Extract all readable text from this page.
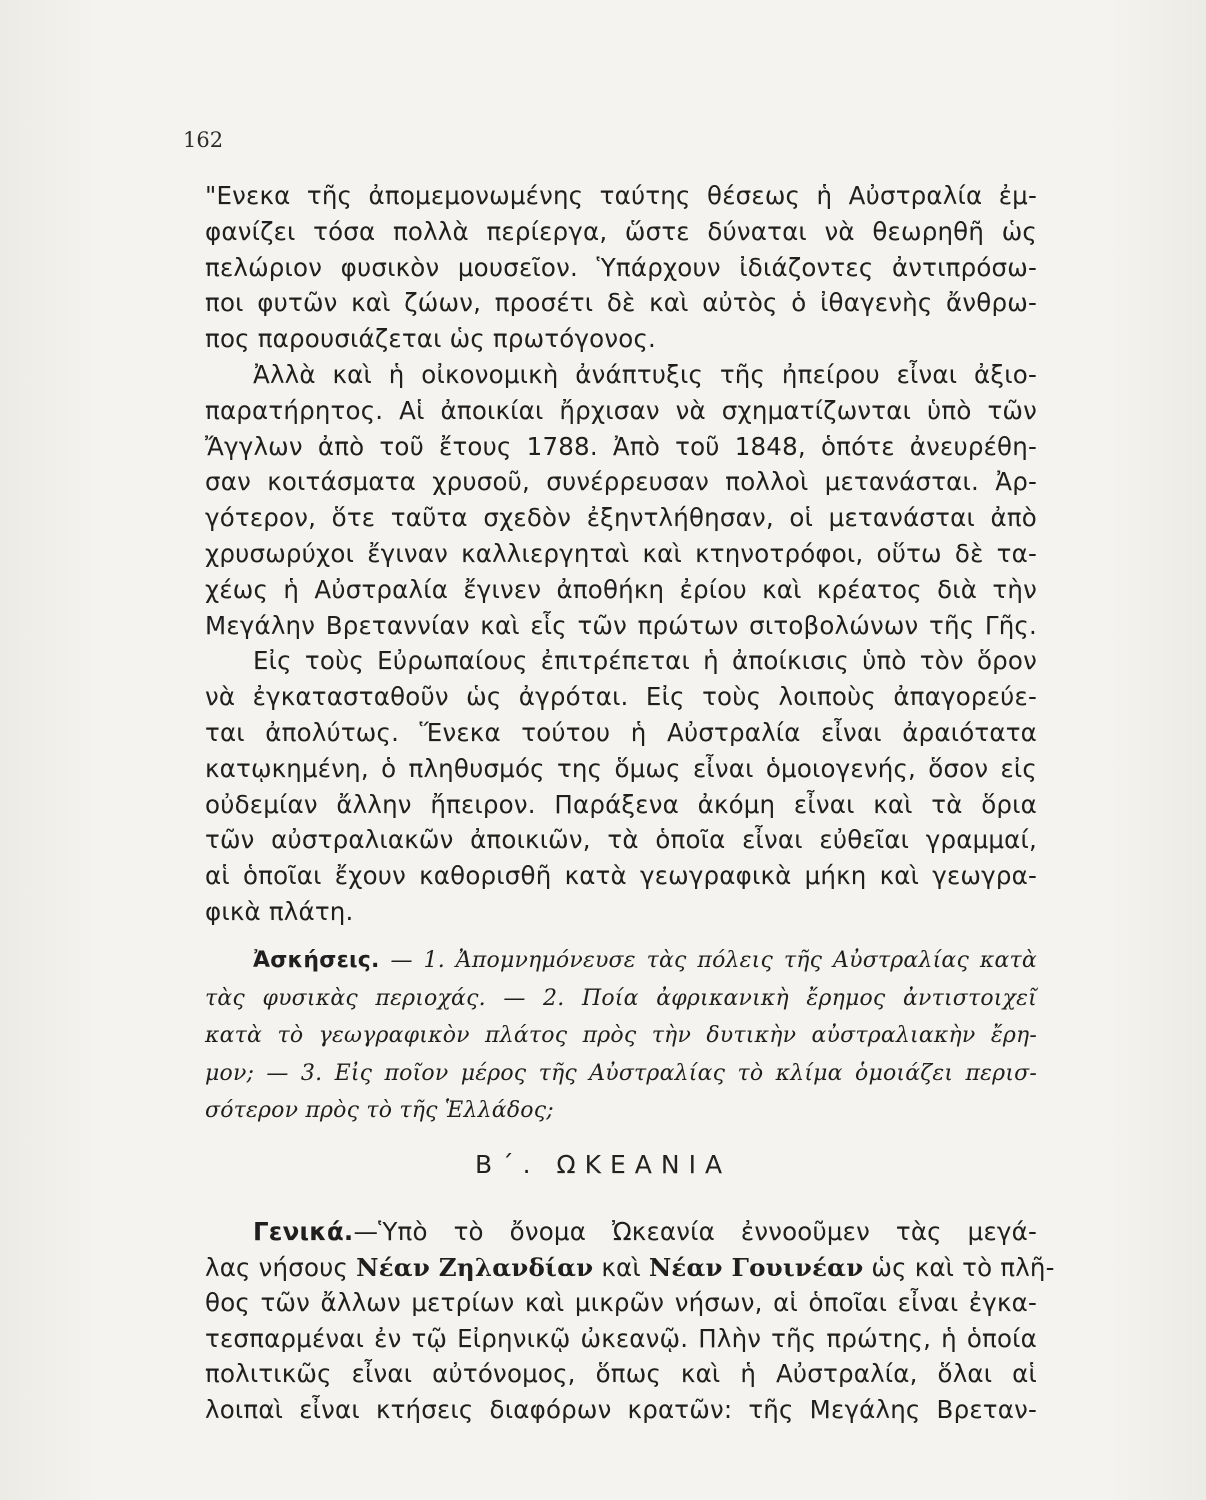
162
"Ενεκα τῆς ἀπομεμονωμένης ταύτης θέσεως ἡ Αὐστραλία ἐμ-
φανίζει τόσα πολλὰ περίεργα, ὥστε δύναται νὰ θεωρηθῆ ὡς
πελώριον φυσικὸν μουσεῖον. Ὑπάρχουν ἰδιάζοντες ἀντιπρόσω-
ποι φυτῶν καὶ ζώων, προσέτι δὲ καὶ αὐτὸς ὁ ἰθαγενὴς ἄνθρω-
πος παρουσιάζεται ὡς πρωτόγονος.
Ἀλλὰ καὶ ἡ οἰκονομικὴ ἀνάπτυξις τῆς ἠπείρου εἶναι ἀξιο-
παρατήρητος. Αἱ ἀποικίαι ἤρχισαν νὰ σχηματίζωνται ὑπὸ τῶν
Ἄγγλων ἀπὸ τοῦ ἔτους 1788. Ἀπὸ τοῦ 1848, ὁπότε ἀνευρέθη-
σαν κοιτάσματα χρυσοῦ, συνέρρευσαν πολλοὶ μετανάσται. Ἀρ-
γότερον, ὅτε ταῦτα σχεδὸν ἐξηντλήθησαν, οἱ μετανάσται ἀπὸ
χρυσωρύχοι ἔγιναν καλλιεργηταὶ καὶ κτηνοτρόφοι, οὕτω δὲ τα-
χέως ἡ Αὐστραλία ἔγινεν ἀποθήκη ἐρίου καὶ κρέατος διὰ τὴν
Μεγάλην Βρεταννίαν καὶ εἷς τῶν πρώτων σιτοβολώνων τῆς Γῆς.
Εἰς τοὺς Εὐρωπαίους ἐπιτρέπεται ἡ ἀποίκισις ὑπὸ τὸν ὅρον
νὰ ἐγκατασταθοῦν ὡς ἀγρόται. Εἰς τοὺς λοιποὺς ἀπαγορεύε-
ται ἀπολύτως. Ἕνεκα τούτου ἡ Αὐστραλία εἶναι ἀραιότατα
κατῳκημένη, ὁ πληθυσμός της ὅμως εἶναι ὁμοιογενής, ὅσον εἰς
οὐδεμίαν ἄλλην ἤπειρον. Παράξενα ἀκόμη εἶναι καὶ τὰ ὅρια
τῶν αὐστραλιακῶν ἀποικιῶν, τὰ ὁποῖα εἶναι εὐθεῖαι γραμμαί,
αἱ ὁποῖαι ἔχουν καθορισθῆ κατὰ γεωγραφικὰ μήκη καὶ γεωγρα-
φικὰ πλάτη.
Ἀσκήσεις. — 1. Ἀπομνημόνευσε τὰς πόλεις τῆς Αὐστραλίας κατὰ
τὰς φυσικὰς περιοχάς. — 2. Ποία ἀφρικανικὴ ἔρημος ἀντιστοιχεῖ
κατὰ τὸ γεωγραφικὸν πλάτος πρὸς τὴν δυτικὴν αὐστραλιακὴν ἔρη-
μον; — 3. Εἰς ποῖον μέρος τῆς Αὐστραλίας τὸ κλίμα ὁμοιάζει περισ-
σότερον πρὸς τὸ τῆς Ἑλλάδος;
Β΄. ΩΚΕΑΝΙΑ
Γενικά.—Ὑπὸ τὸ ὄνομα Ὠκεανία ἐννοοῦμεν τὰς μεγά-
λας νήσους Νέαν Ζηλανδίαν καὶ Νέαν Γουινέαν ὡς καὶ τὸ πλῆ-
θος τῶν ἄλλων μετρίων καὶ μικρῶν νήσων, αἱ ὁποῖαι εἶναι ἐγκα-
τεσπαρμέναι ἐν τῷ Εἰρηνικῷ ὠκεανῷ. Πλὴν τῆς πρώτης, ἡ ὁποία
πολιτικῶς εἶναι αὐτόνομος, ὅπως καὶ ἡ Αὐστραλία, ὅλαι αἱ
λοιπαὶ εἶναι κτήσεις διαφόρων κρατῶν: τῆς Μεγάλης Βρεταν-
